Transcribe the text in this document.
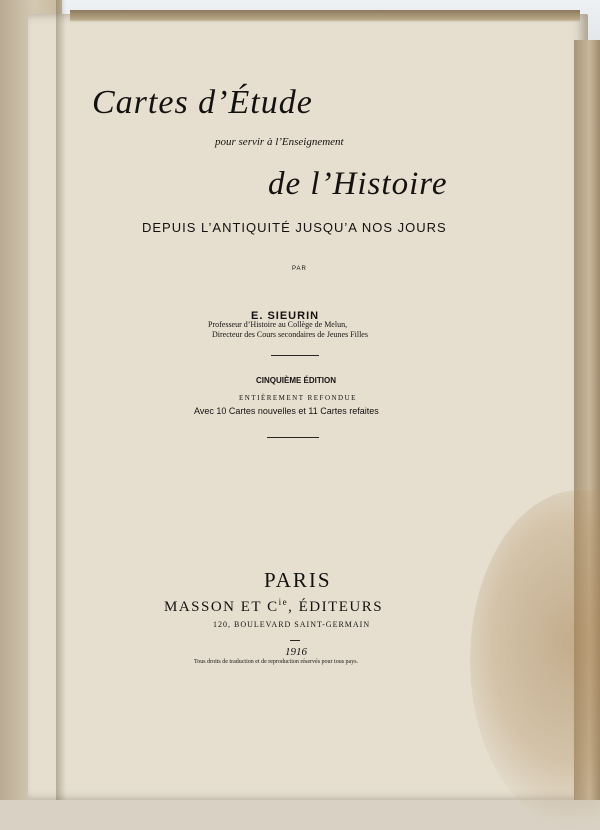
Cartes d’Étude
pour servir à l’Enseignement
de l’Histoire
DEPUIS L’ANTIQUITÉ JUSQU’A NOS JOURS
PAR
E. SIEURIN
Professeur d’Histoire au Collège de Melun,
Directeur des Cours secondaires de Jeunes Filles
CINQUIÈME ÉDITION
ENTIÈREMENT REFONDUE
Avec 10 Cartes nouvelles et 11 Cartes refaites
PARIS
MASSON ET $C^{ie}$, ÉDITEURS
120, BOULEVARD SAINT-GERMAIN
1916
Tous droits de traduction et de reproduction réservés pour tous pays.
